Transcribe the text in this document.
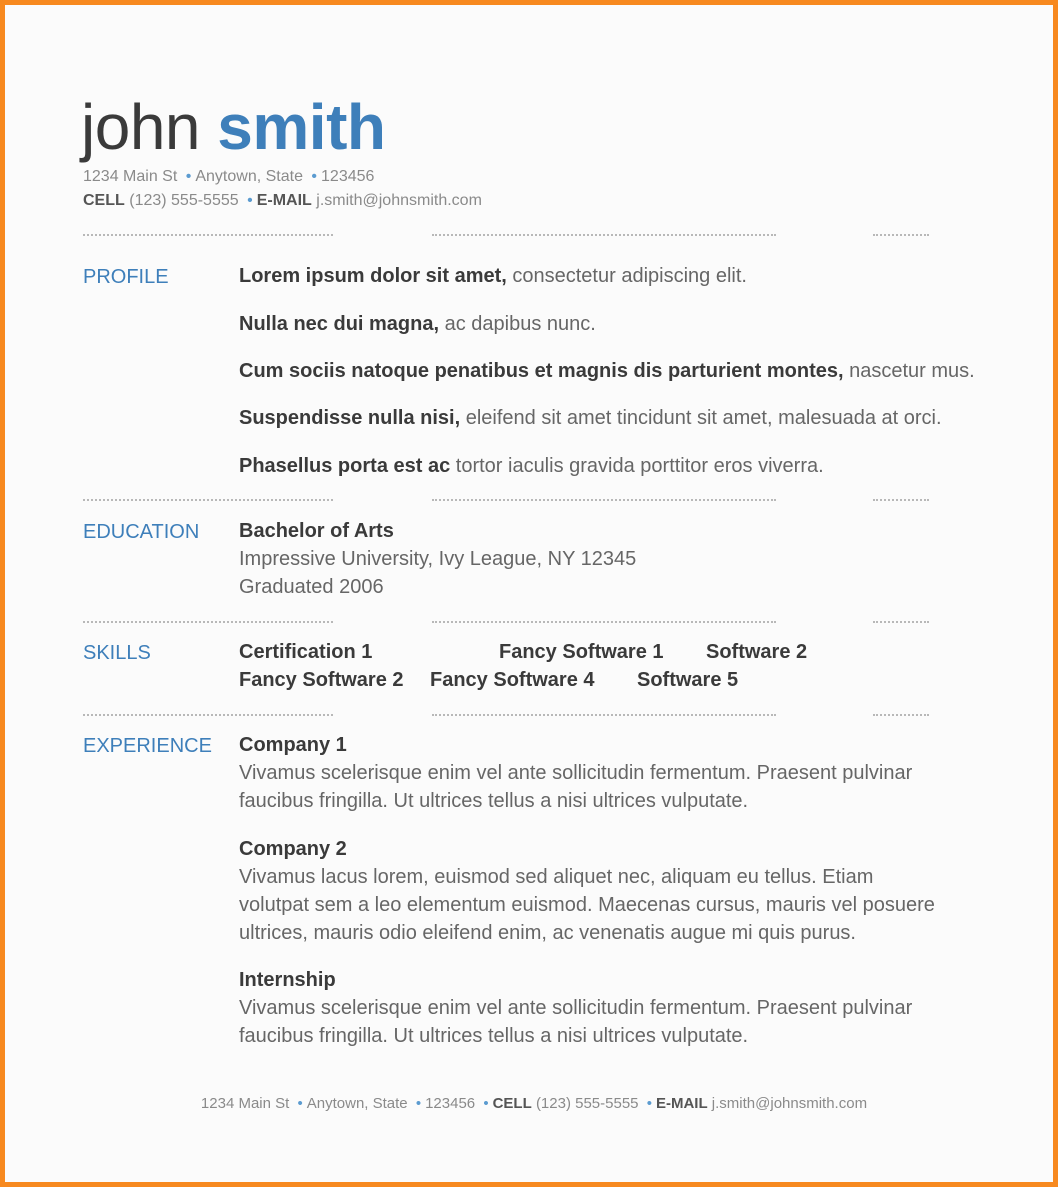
john smith
1234 Main St • Anytown, State • 123456
CELL (123) 555-5555 • E-MAIL j.smith@johnsmith.com
PROFILE	Lorem ipsum dolor sit amet, consectetur adipiscing elit.
Nulla nec dui magna, ac dapibus nunc.
Cum sociis natoque penatibus et magnis dis parturient montes, nascetur mus.
Suspendisse nulla nisi, eleifend sit amet tincidunt sit amet, malesuada at orci.
Phasellus porta est ac tortor iaculis gravida porttitor eros viverra.
EDUCATION Bachelor of Arts
Impressive University, Ivy League, NY 12345
Graduated 2006
SKILLS	Certification 1	Fancy Software 1 Software 2
Fancy Software 2 Fancy Software 4 Software 5
EXPERIENCE Company 1
Vivamus scelerisque enim vel ante sollicitudin fermentum. Praesent pulvinar
faucibus fringilla. Ut ultrices tellus a nisi ultrices vulputate.
Company 2
Vivamus lacus lorem, euismod sed aliquet nec, aliquam eu tellus. Etiam
volutpat sem a leo elementum euismod. Maecenas cursus, mauris vel posuere
ultrices, mauris odio eleifend enim, ac venenatis augue mi quis purus.
Internship
Vivamus scelerisque enim vel ante sollicitudin fermentum. Praesent pulvinar
faucibus fringilla. Ut ultrices tellus a nisi ultrices vulputate.
1234 Main St • Anytown, State • 123456 • CELL (123) 555-5555 • E-MAIL j.smith@johnsmith.com
